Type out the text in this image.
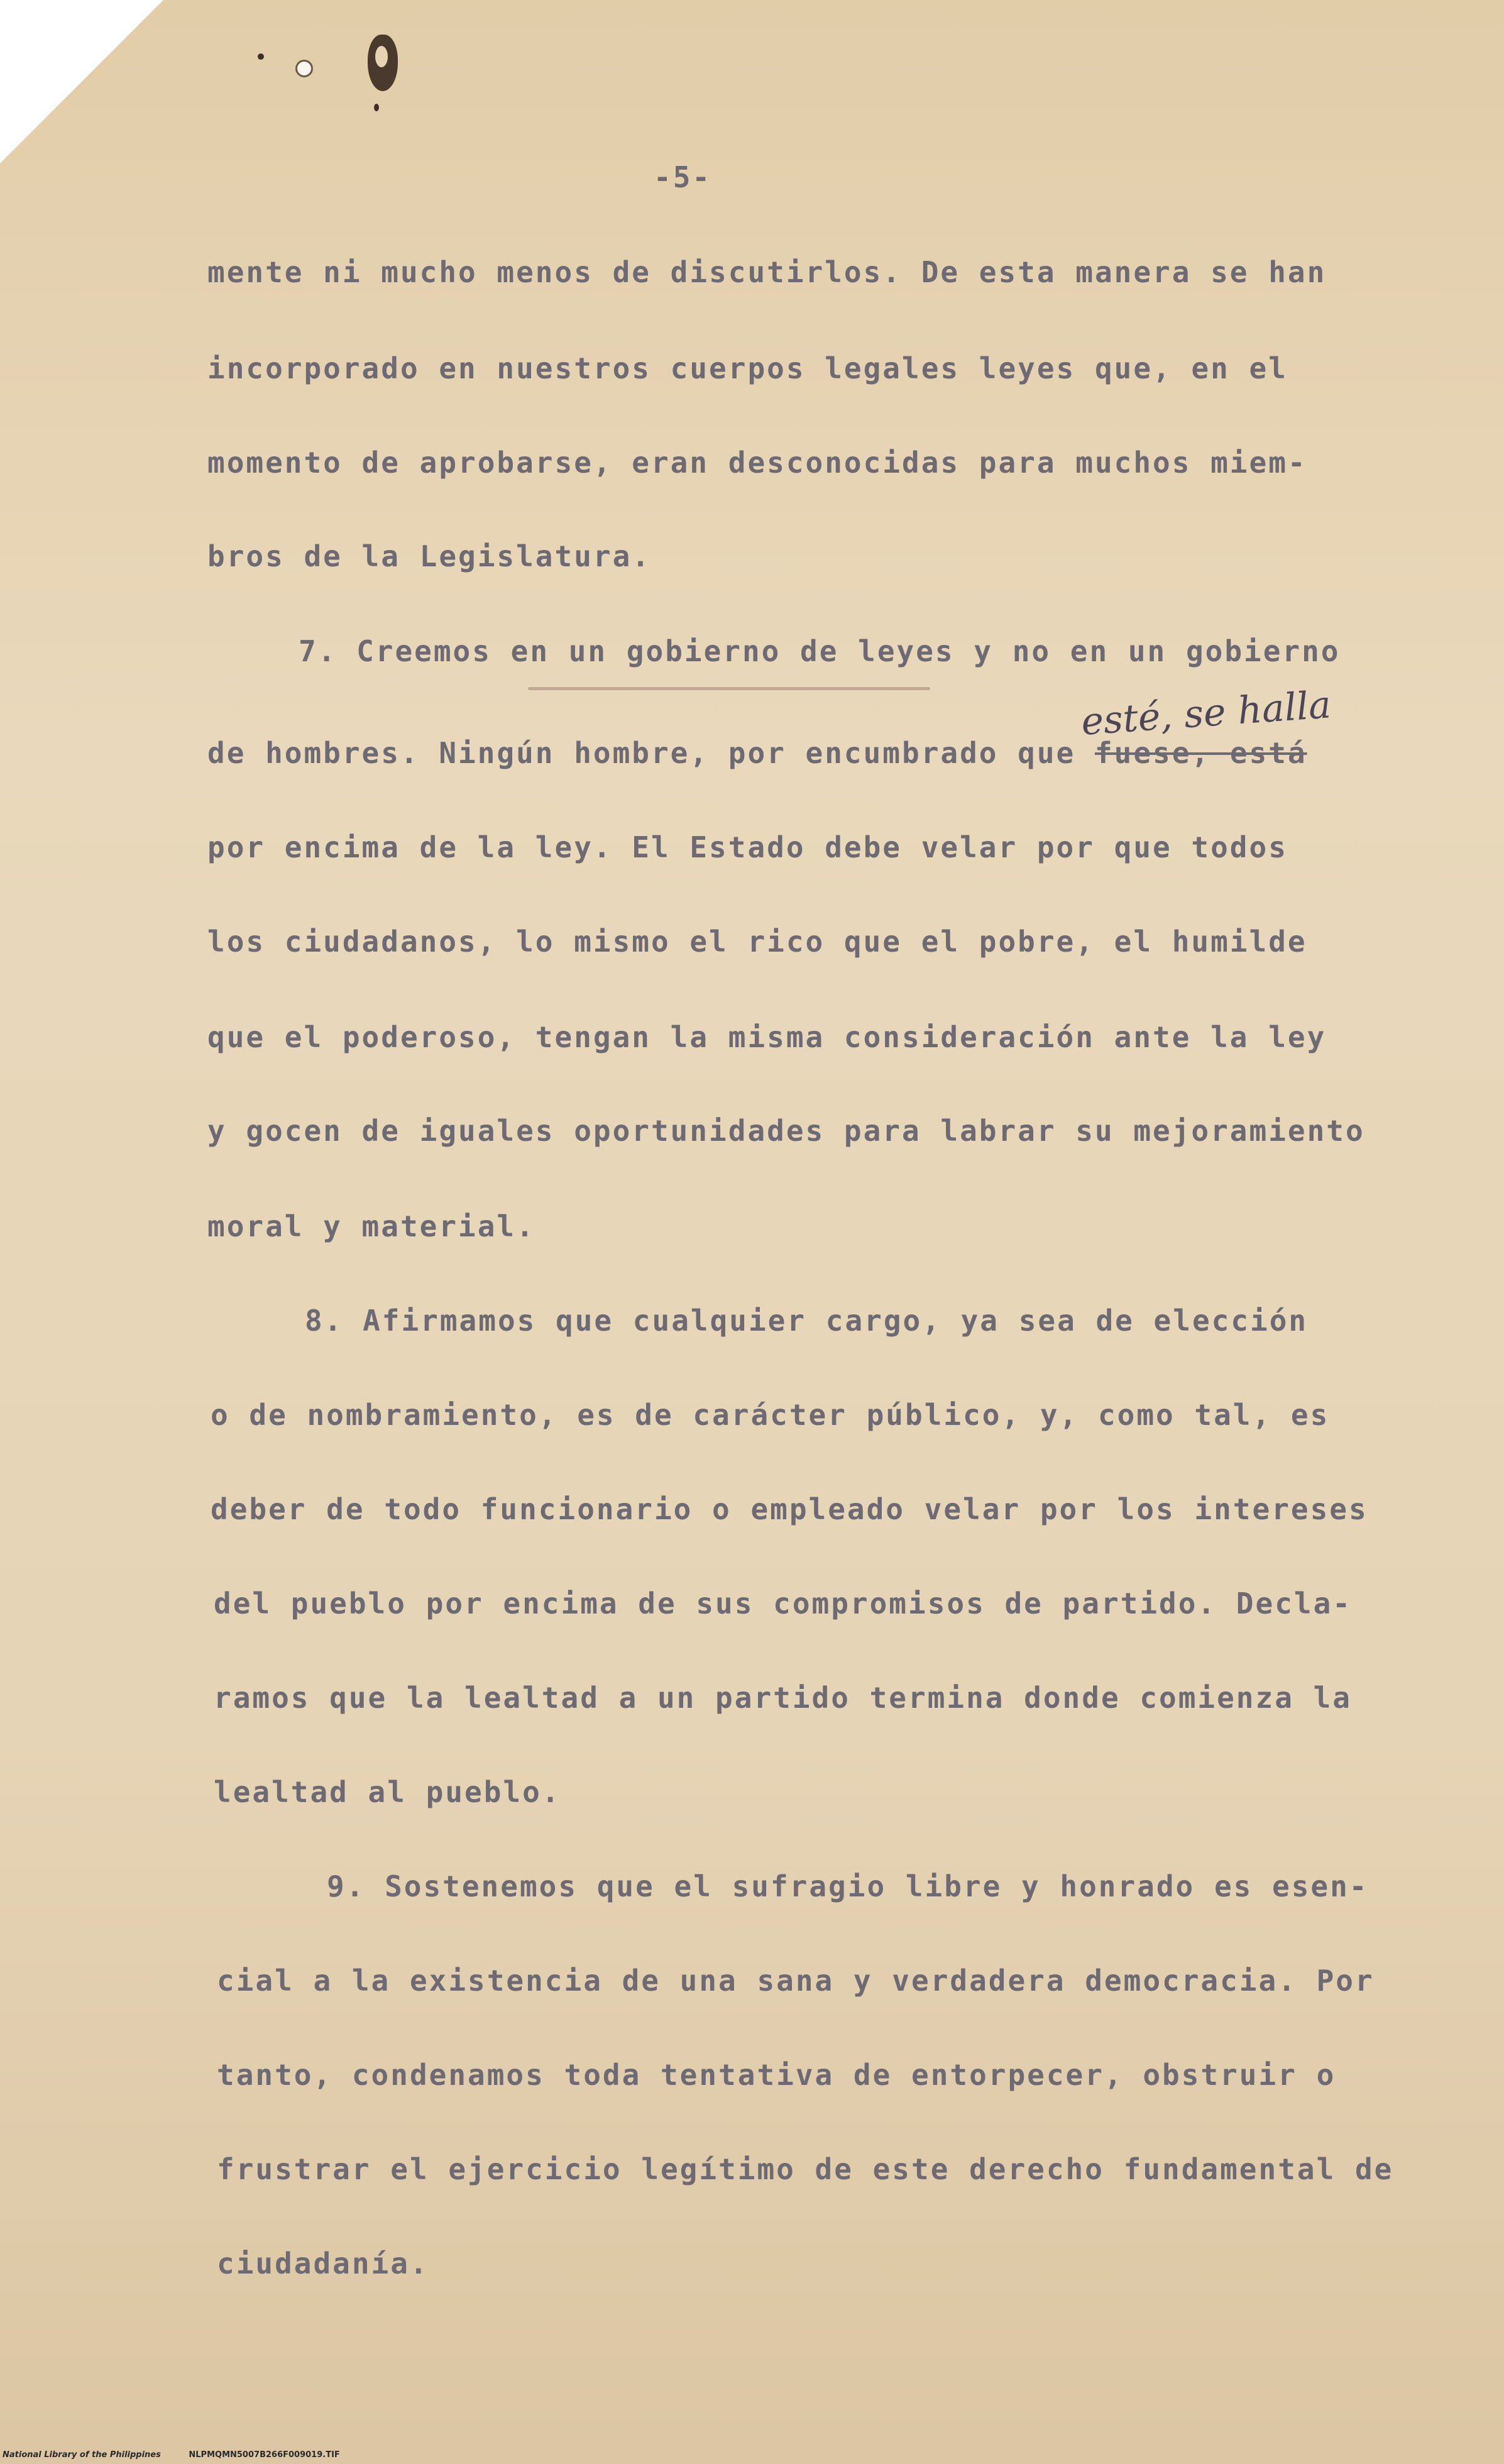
-5-
mente ni mucho menos de discutirlos. De esta manera se han
incorporado en nuestros cuerpos legales leyes que, en el
momento de aprobarse, eran desconocidas para muchos miem-
bros de la Legislatura.
7. Creemos en un gobierno de leyes y no en un gobierno
esté, se halla
de hombres. Ningún hombre, por encumbrado que fuese, está
por encima de la ley. El Estado debe velar por que todos
los ciudadanos, lo mismo el rico que el pobre, el humilde
que el poderoso, tengan la misma consideración ante la ley
y gocen de iguales oportunidades para labrar su mejoramiento
moral y material.
8. Afirmamos que cualquier cargo, ya sea de elección
o de nombramiento, es de carácter público, y, como tal, es
deber de todo funcionario o empleado velar por los intereses
del pueblo por encima de sus compromisos de partido. Decla-
ramos que la lealtad a un partido termina donde comienza la
lealtad al pueblo.
9. Sostenemos que el sufragio libre y honrado es esen-
cial a la existencia de una sana y verdadera democracia. Por
tanto, condenamos toda tentativa de entorpecer, obstruir o
frustrar el ejercicio legítimo de este derecho fundamental de
ciudadanía.
National Library of the Philippines	NLPMQMN5007B266F009019.TIF
